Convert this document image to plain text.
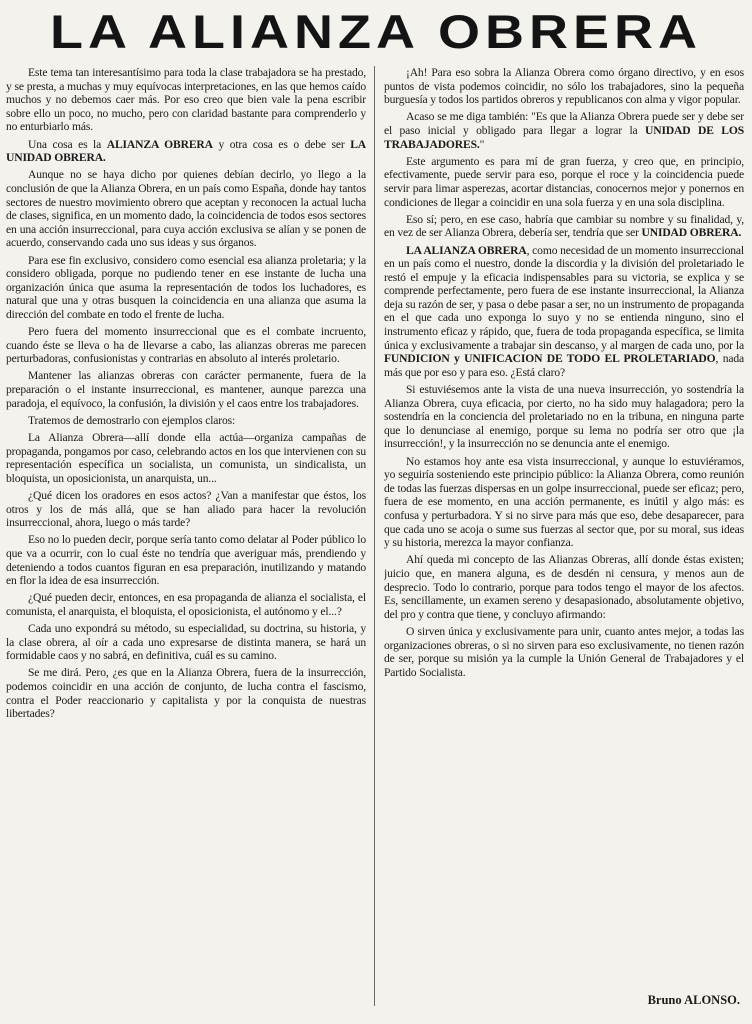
LA ALIANZA OBRERA

Este tema tan interesantísimo para toda la clase trabajadora se ha prestado, y se presta, a muchas y muy equívocas interpretaciones, en las que hemos caído muchos y no debemos caer más. Por eso creo que bien vale la pena escribir sobre ello un poco, no mucho, pero con claridad bastante para comprenderlo y no enturbiarlo más.

Una cosa es la ALIANZA OBRERA y otra cosa es o debe ser LA UNIDAD OBRERA.

Aunque no se haya dicho por quienes debían decirlo, yo llego a la conclusión de que la Alianza Obrera, en un país como España, donde hay tantos sectores de nuestro movimiento obrero que aceptan y reconocen la actual lucha de clases, significa, en un momento dado, la coincidencia de todos esos sectores en una acción insurreccional, para cuya acción exclusiva se alían y se ponen de acuerdo, conservando cada uno sus ideas y sus órganos.

Para ese fin exclusivo, considero como esencial esa alianza proletaria; y la considero obligada, porque no pudiendo tener en ese instante de lucha una organización única que asuma la representación de todos los luchadores, es natural que una y otras busquen la coincidencia en una alianza que asuma la dirección del combate en todo el frente de lucha.

Pero fuera del momento insurreccional que es el combate incruento, cuando éste se lleva o ha de llevarse a cabo, las alianzas obreras me parecen perturbadoras, confusionistas y contrarias en absoluto al interés proletario.

Mantener las alianzas obreras con carácter permanente, fuera de la preparación o el instante insurreccional, es mantener, aunque parezca una paradoja, el equívoco, la confusión, la división y el caos entre los trabajadores.

Tratemos de demostrarlo con ejemplos claros:

La Alianza Obrera—allí donde ella actúa—organiza campañas de propaganda, pongamos por caso, celebrando actos en los que intervienen con su representación específica un socialista, un comunista, un sindicalista, un bloquista, un oposicionista, un anarquista, un...

¿Qué dicen los oradores en esos actos? ¿Van a manifestar que éstos, los otros y los de más allá, que se han aliado para hacer la revolución insurreccional, ahora, luego o más tarde?

Eso no lo pueden decir, porque sería tanto como delatar al Poder público lo que va a ocurrir, con lo cual éste no tendría que averiguar más, prendiendo y deteniendo a todos cuantos figuran en esa preparación, inutilizando y matando en flor la idea de esa insurrección.

¿Qué pueden decir, entonces, en esa propaganda de alianza el socialista, el comunista, el anarquista, el bloquista, el oposicionista, el autónomo y el...?

Cada uno expondrá su método, su especialidad, su doctrina, su historia, y la clase obrera, al oír a cada uno expresarse de distinta manera, se hará un formidable caos y no sabrá, en definitiva, cuál es su camino.

Se me dirá. Pero, ¿es que en la Alianza Obrera, fuera de la insurrección, podemos coincidir en una acción de conjunto, de lucha contra el fascismo, contra el Poder reaccionario y capitalista y por la conquista de nuestras libertades?

¡Ah! Para eso sobra la Alianza Obrera como órgano directivo, y en esos puntos de vista podemos coincidir, no sólo los trabajadores, sino la pequeña burguesía y todos los partidos obreros y republicanos con alma y vigor popular.

Acaso se me diga también: "Es que la Alianza Obrera puede ser y debe ser el paso inicial y obligado para llegar a lograr la UNIDAD DE LOS TRABAJADORES."

Este argumento es para mí de gran fuerza, y creo que, en principio, efectivamente, puede servir para eso, porque el roce y la coincidencia puede servir para limar asperezas, acortar distancias, conocernos mejor y ponernos en condiciones de llegar a coincidir en una sola fuerza y en una sola disciplina.

Eso sí; pero, en ese caso, habría que cambiar su nombre y su finalidad, y, en vez de ser Alianza Obrera, debería ser, tendría que ser UNIDAD OBRERA.

LA ALIANZA OBRERA, como necesidad de un momento insurreccional en un país como el nuestro, donde la discordia y la división del proletariado le restó el empuje y la eficacia indispensables para su victoria, se explica y se comprende perfectamente, pero fuera de ese instante insurreccional, la Alianza deja su razón de ser, y pasa o debe pasar a ser, no un instrumento de propaganda en el que cada uno exponga lo suyo y no se entienda ninguno, sino el instrumento eficaz y rápido, que, fuera de toda propaganda específica, se limita única y exclusivamente a trabajar sin descanso, y al margen de cada uno, por la FUNDICION y UNIFICACION DE TODO EL PROLETARIADO, nada más que por eso y para eso. ¿Está claro?

Si estuviésemos ante la vista de una nueva insurrección, yo sostendría la Alianza Obrera, cuya eficacia, por cierto, no ha sido muy halagadora; pero la sostendría en la conciencia del proletariado no en la tribuna, en ninguna parte que lo denunciase al enemigo, porque su lema no podría ser otro que ¡la insurrección!, y la insurrección no se denuncia ante el enemigo.

No estamos hoy ante esa vista insurreccional, y aunque lo estuviéramos, yo seguiría sosteniendo este principio público: la Alianza Obrera, como reunión de todas las fuerzas dispersas en un golpe insurreccional, puede ser eficaz; pero, fuera de ese momento, en una acción permanente, es inútil y algo más: es confusa y perturbadora. Y si no sirve para más que eso, debe desaparecer, para que cada uno se acoja o sume sus fuerzas al sector que, por su moral, sus ideas y su historia, merezca la mayor confianza.

Ahí queda mi concepto de las Alianzas Obreras, allí donde éstas existen; juicio que, en manera alguna, es de desdén ni censura, y menos aun de desprecio. Todo lo contrario, porque para todos tengo el mayor de los afectos. Es, sencillamente, un examen sereno y desapasionado, absolutamente objetivo, del pro y contra que tiene, y concluyo afirmando:

O sirven única y exclusivamente para unir, cuanto antes mejor, a todas las organizaciones obreras, o si no sirven para eso exclusivamente, no tienen razón de ser, porque su misión ya la cumple la Unión General de Trabajadores y el Partido Socialista.

Bruno ALONSO.
